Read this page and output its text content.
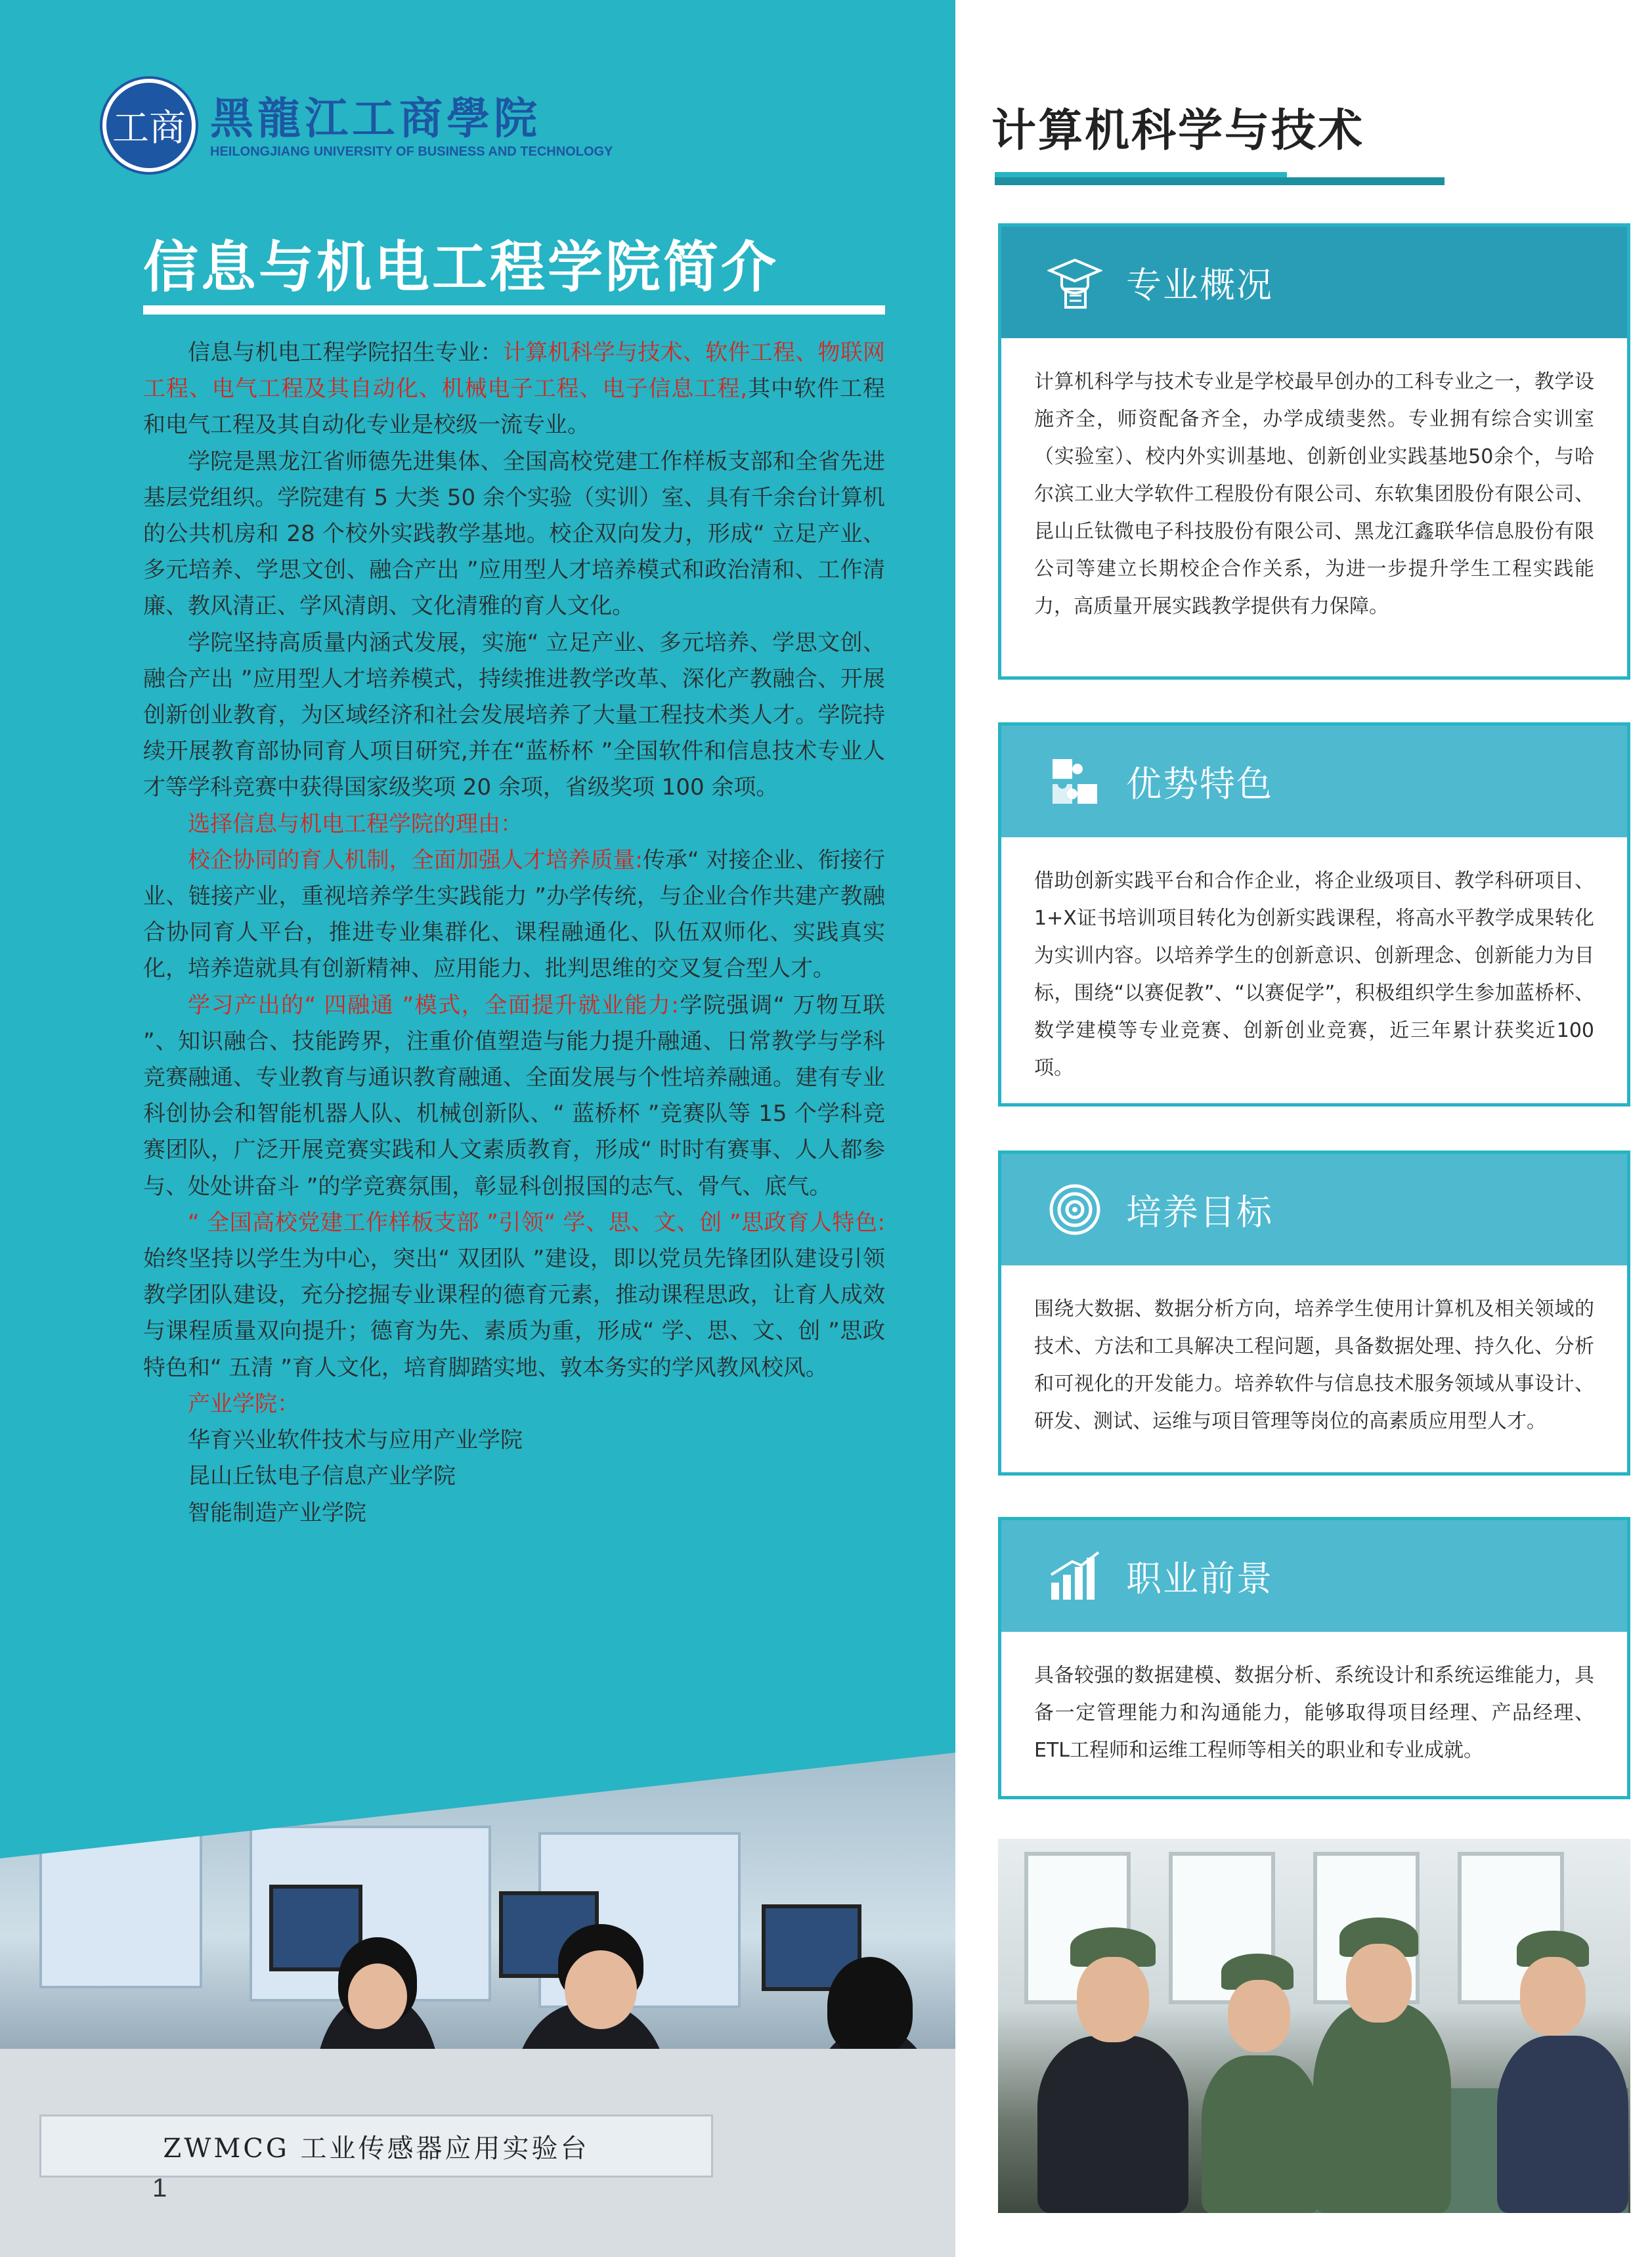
工商 黑龍江工商學院
HEILONGJIANG UNIVERSITY OF BUSINESS AND TECHNOLOGY
信息与机电工程学院简介

信息与机电工程学院招生专业：计算机科学与技术、软件工程、物联网工程、电气工程及其自动化、机械电子工程、电子信息工程,其中软件工程和电气工程及其自动化专业是校级一流专业。

学院是黑龙江省师德先进集体、全国高校党建工作样板支部和全省先进基层党组织。学院建有 5 大类 50 余个实验（实训）室、具有千余台计算机的公共机房和 28 个校外实践教学基地。校企双向发力，形成“ 立足产业、多元培养、学思文创、融合产出 ”应用型人才培养模式和政治清和、工作清廉、教风清正、学风清朗、文化清雅的育人文化。

学院坚持高质量内涵式发展，实施“ 立足产业、多元培养、学思文创、融合产出 ”应用型人才培养模式，持续推进教学改革、深化产教融合、开展创新创业教育，为区域经济和社会发展培养了大量工程技术类人才。学院持续开展教育部协同育人项目研究,并在“蓝桥杯 ”全国软件和信息技术专业人才等学科竞赛中获得国家级奖项 20 余项，省级奖项 100 余项。

选择信息与机电工程学院的理由：

校企协同的育人机制，全面加强人才培养质量:传承“ 对接企业、衔接行业、链接产业，重视培养学生实践能力 ”办学传统，与企业合作共建产教融合协同育人平台，推进专业集群化、课程融通化、队伍双师化、实践真实化，培养造就具有创新精神、应用能力、批判思维的交叉复合型人才。

学习产出的“ 四融通 ”模式，全面提升就业能力:学院强调“ 万物互联 ”、知识融合、技能跨界，注重价值塑造与能力提升融通、日常教学与学科竞赛融通、专业教育与通识教育融通、全面发展与个性培养融通。建有专业科创协会和智能机器人队、机械创新队、“ 蓝桥杯 ”竞赛队等 15 个学科竞赛团队，广泛开展竞赛实践和人文素质教育，形成“ 时时有赛事、人人都参与、处处讲奋斗 ”的学竞赛氛围，彰显科创报国的志气、骨气、底气。

“ 全国高校党建工作样板支部 ”引领“ 学、思、文、创 ”思政育人特色:始终坚持以学生为中心，突出“ 双团队 ”建设，即以党员先锋团队建设引领教学团队建设，充分挖掘专业课程的德育元素，推动课程思政，让育人成效与课程质量双向提升；德育为先、素质为重，形成“ 学、思、文、创 ”思政特色和“ 五清 ”育人文化，培育脚踏实地、敦本务实的学风教风校风。

产业学院：

华育兴业软件技术与应用产业学院

昆山丘钛电子信息产业学院

智能制造产业学院

ZWMCG 工业传感器应用实验台
1
计算机科学与技术
专业概况
计算机科学与技术专业是学校最早创办的工科专业之一，教学设施齐全，师资配备齐全，办学成绩斐然。专业拥有综合实训室（实验室）、校内外实训基地、创新创业实践基地50余个，与哈尔滨工业大学软件工程股份有限公司、东软集团股份有限公司、昆山丘钛微电子科技股份有限公司、黑龙江鑫联华信息股份有限公司等建立长期校企合作关系，为进一步提升学生工程实践能力，高质量开展实践教学提供有力保障。
优势特色
借助创新实践平台和合作企业，将企业级项目、教学科研项目、1+X证书培训项目转化为创新实践课程，将高水平教学成果转化为实训内容。以培养学生的创新意识、创新理念、创新能力为目标，围绕“以赛促教”、“以赛促学”，积极组织学生参加蓝桥杯、数学建模等专业竞赛、创新创业竞赛，近三年累计获奖近100项。
培养目标
围绕大数据、数据分析方向，培养学生使用计算机及相关领域的技术、方法和工具解决工程问题，具备数据处理、持久化、分析和可视化的开发能力。培养软件与信息技术服务领域从事设计、研发、测试、运维与项目管理等岗位的高素质应用型人才。
职业前景
具备较强的数据建模、数据分析、系统设计和系统运维能力，具备一定管理能力和沟通能力，能够取得项目经理、产品经理、ETL工程师和运维工程师等相关的职业和专业成就。
